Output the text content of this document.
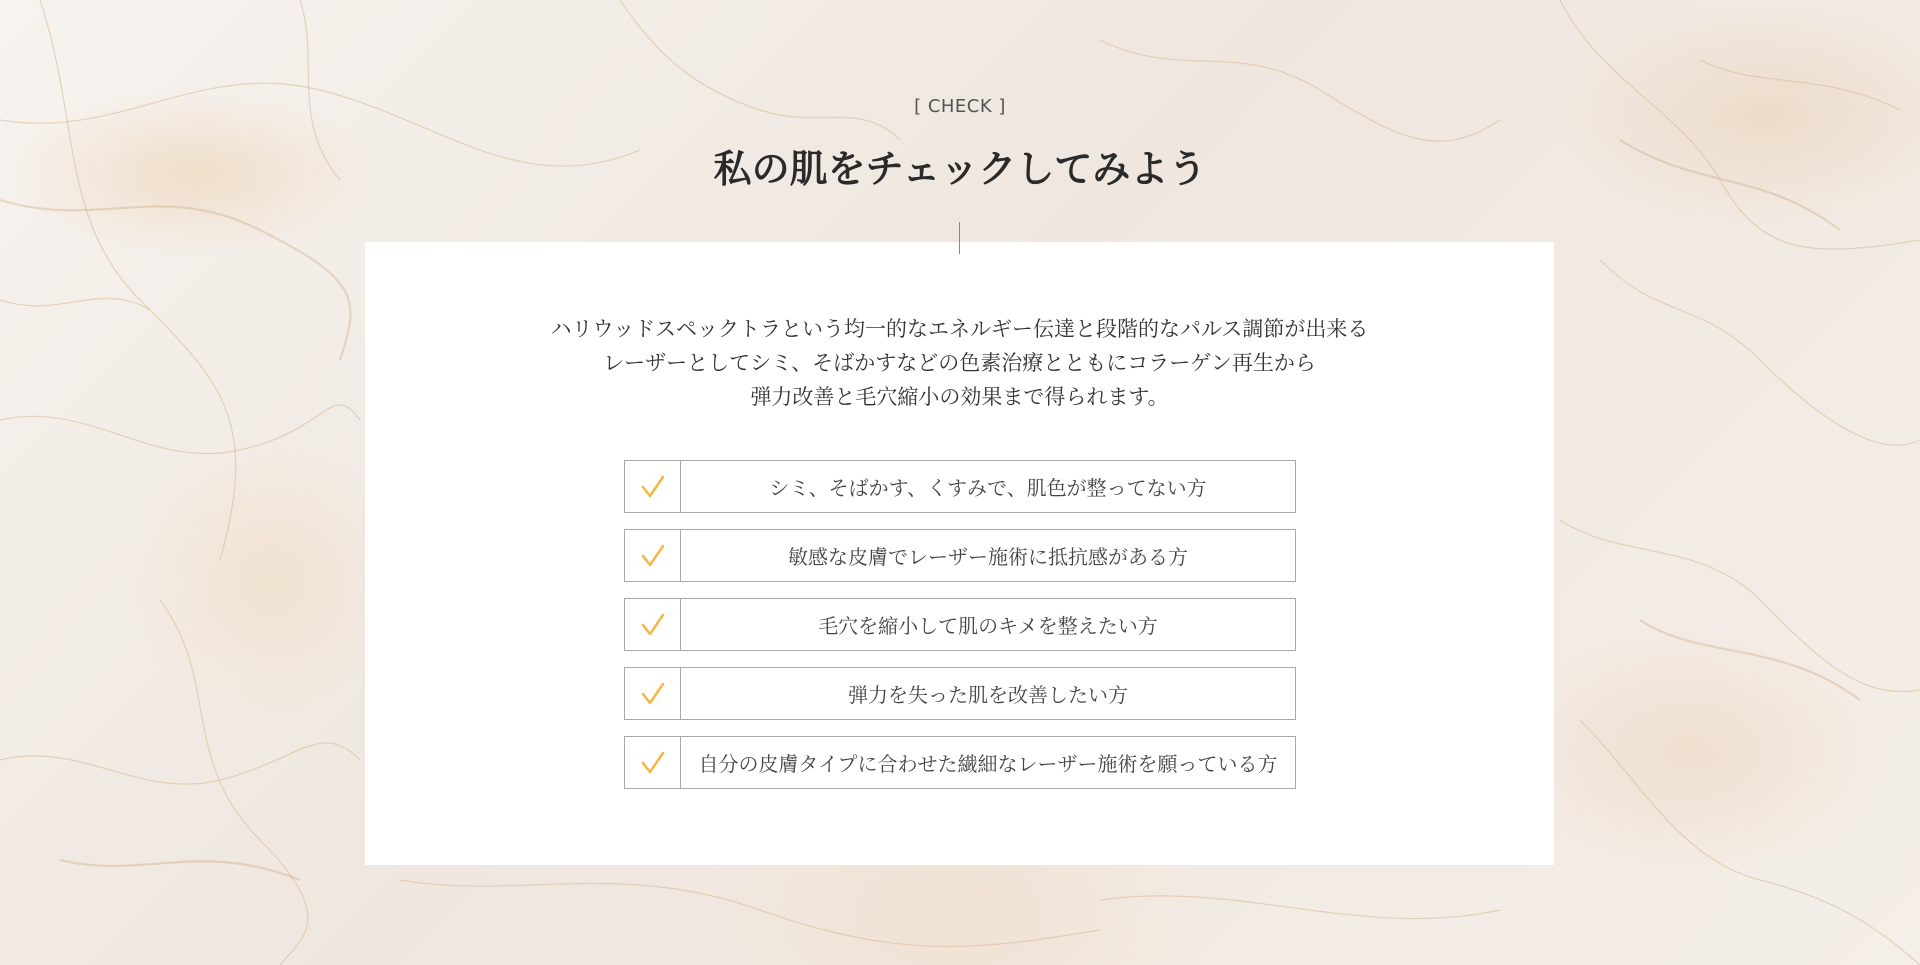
[ CHECK ]
私の肌をチェックしてみよう
ハリウッドスペックトラという均一的なエネルギー伝達と段階的なパルス調節が出来る
レーザーとしてシミ、そばかすなどの色素治療とともにコラーゲン再生から
弾力改善と毛穴縮小の効果まで得られます。
シミ、そばかす、くすみで、肌色が整ってない方
敏感な皮膚でレーザー施術に抵抗感がある方
毛穴を縮小して肌のキメを整えたい方
弾力を失った肌を改善したい方
自分の皮膚タイプに合わせた繊細なレーザー施術を願っている方
